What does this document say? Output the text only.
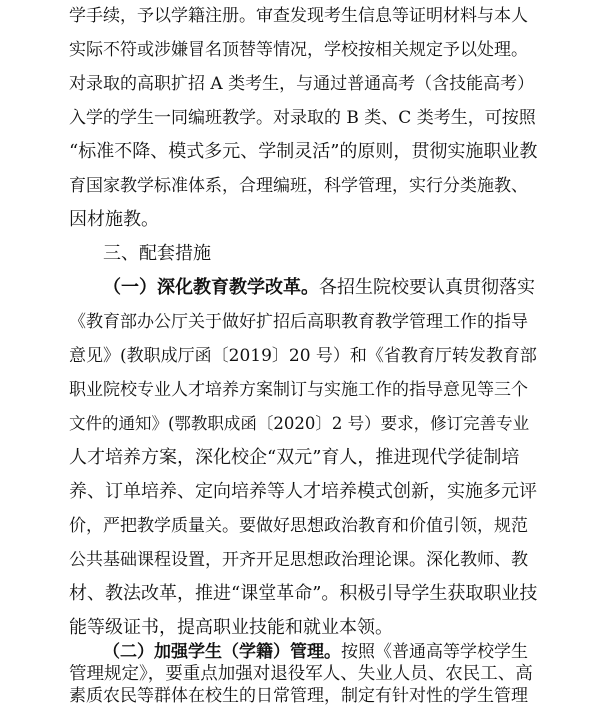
学手续，予以学籍注册。审查发现考生信息等证明材料与本人
实际不符或涉嫌冒名顶替等情况，学校按相关规定予以处理。
对录取的高职扩招 A 类考生，与通过普通高考（含技能高考）
入学的学生一同编班教学。对录取的 B 类、C 类考生，可按照
“标准不降、模式多元、学制灵活”的原则，贯彻实施职业教
育国家教学标准体系，合理编班，科学管理，实行分类施教、
因材施教。
三、配套措施
（一）深化教育教学改革。各招生院校要认真贯彻落实
《教育部办公厅关于做好扩招后高职教育教学管理工作的指导
意见》(教职成厅函〔2019〕20 号）和《省教育厅转发教育部
职业院校专业人才培养方案制订与实施工作的指导意见等三个
文件的通知》(鄂教职成函〔2020〕2 号）要求，修订完善专业
人才培养方案，深化校企“双元”育人，推进现代学徒制培
养、订单培养、定向培养等人才培养模式创新，实施多元评
价，严把教学质量关。要做好思想政治教育和价值引领，规范
公共基础课程设置，开齐开足思想政治理论课。深化教师、教
材、教法改革，推进“课堂革命”。积极引导学生获取职业技
能等级证书，提高职业技能和就业本领。
（二）加强学生（学籍）管理。按照《普通高等学校学生
管理规定》，要重点加强对退役军人、失业人员、农民工、高
素质农民等群体在校生的日常管理，制定有针对性的学生管理
